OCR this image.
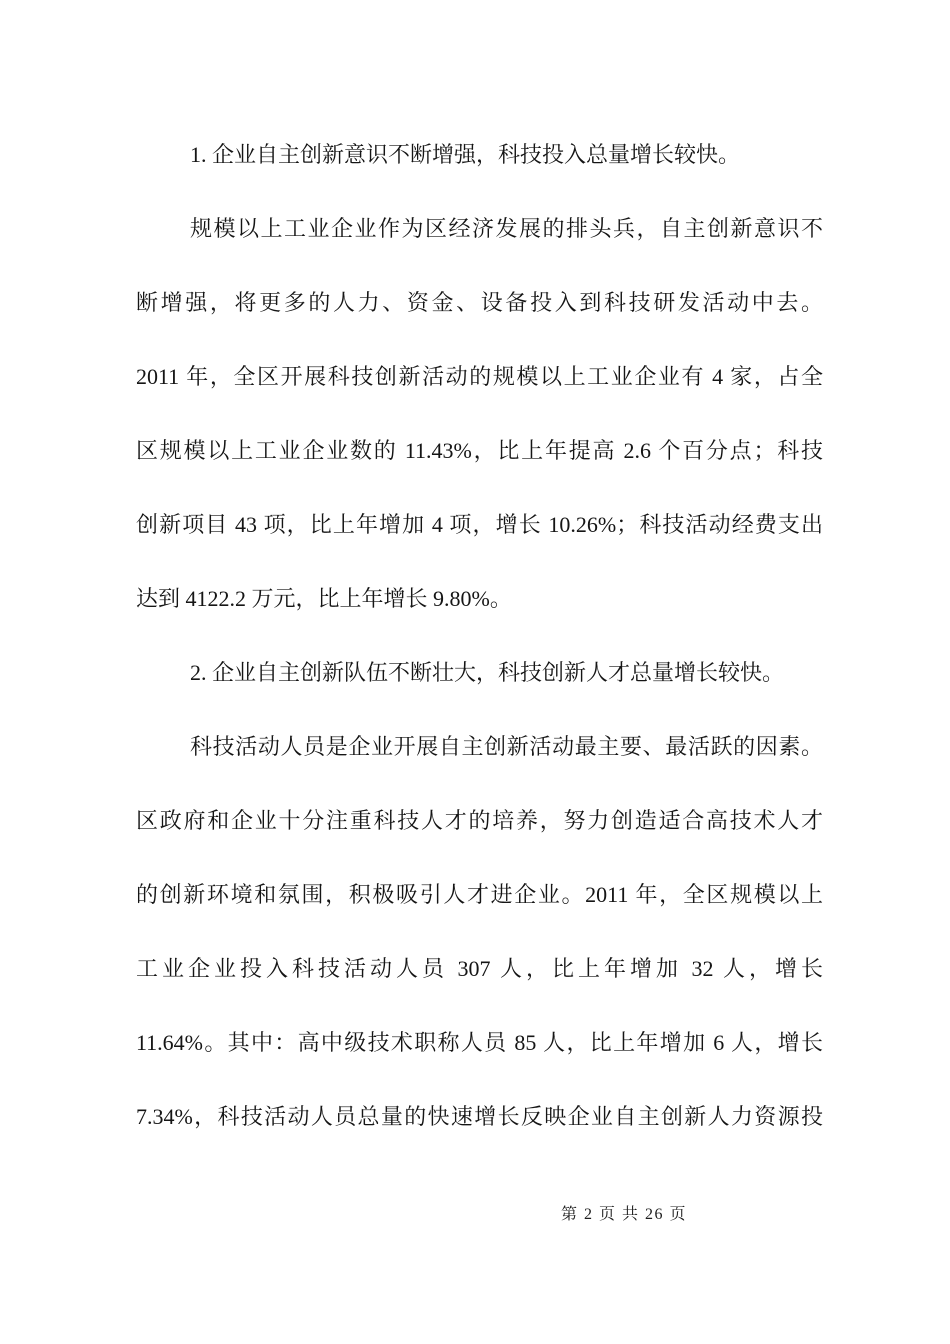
1. 企业自主创新意识不断增强，科技投入总量增长较快。
规模以上工业企业作为区经济发展的排头兵，自主创新意识不
断增强，将更多的人力、资金、设备投入到科技研发活动中去。
2011 年，全区开展科技创新活动的规模以上工业企业有 4 家，占全
区规模以上工业企业数的 11.43%，比上年提高 2.6 个百分点；科技
创新项目 43 项，比上年增加 4 项，增长 10.26%；科技活动经费支出
达到 4122.2 万元，比上年增长 9.80%。
2. 企业自主创新队伍不断壮大，科技创新人才总量增长较快。
科技活动人员是企业开展自主创新活动最主要、最活跃的因素。
区政府和企业十分注重科技人才的培养，努力创造适合高技术人才
的创新环境和氛围，积极吸引人才进企业。2011 年，全区规模以上
工业企业投入科技活动人员 307 人，比上年增加 32 人，增长
11.64%。其中：高中级技术职称人员 85 人，比上年增加 6 人，增长
7.34%，科技活动人员总量的快速增长反映企业自主创新人力资源投
第 2 页 共 26 页
